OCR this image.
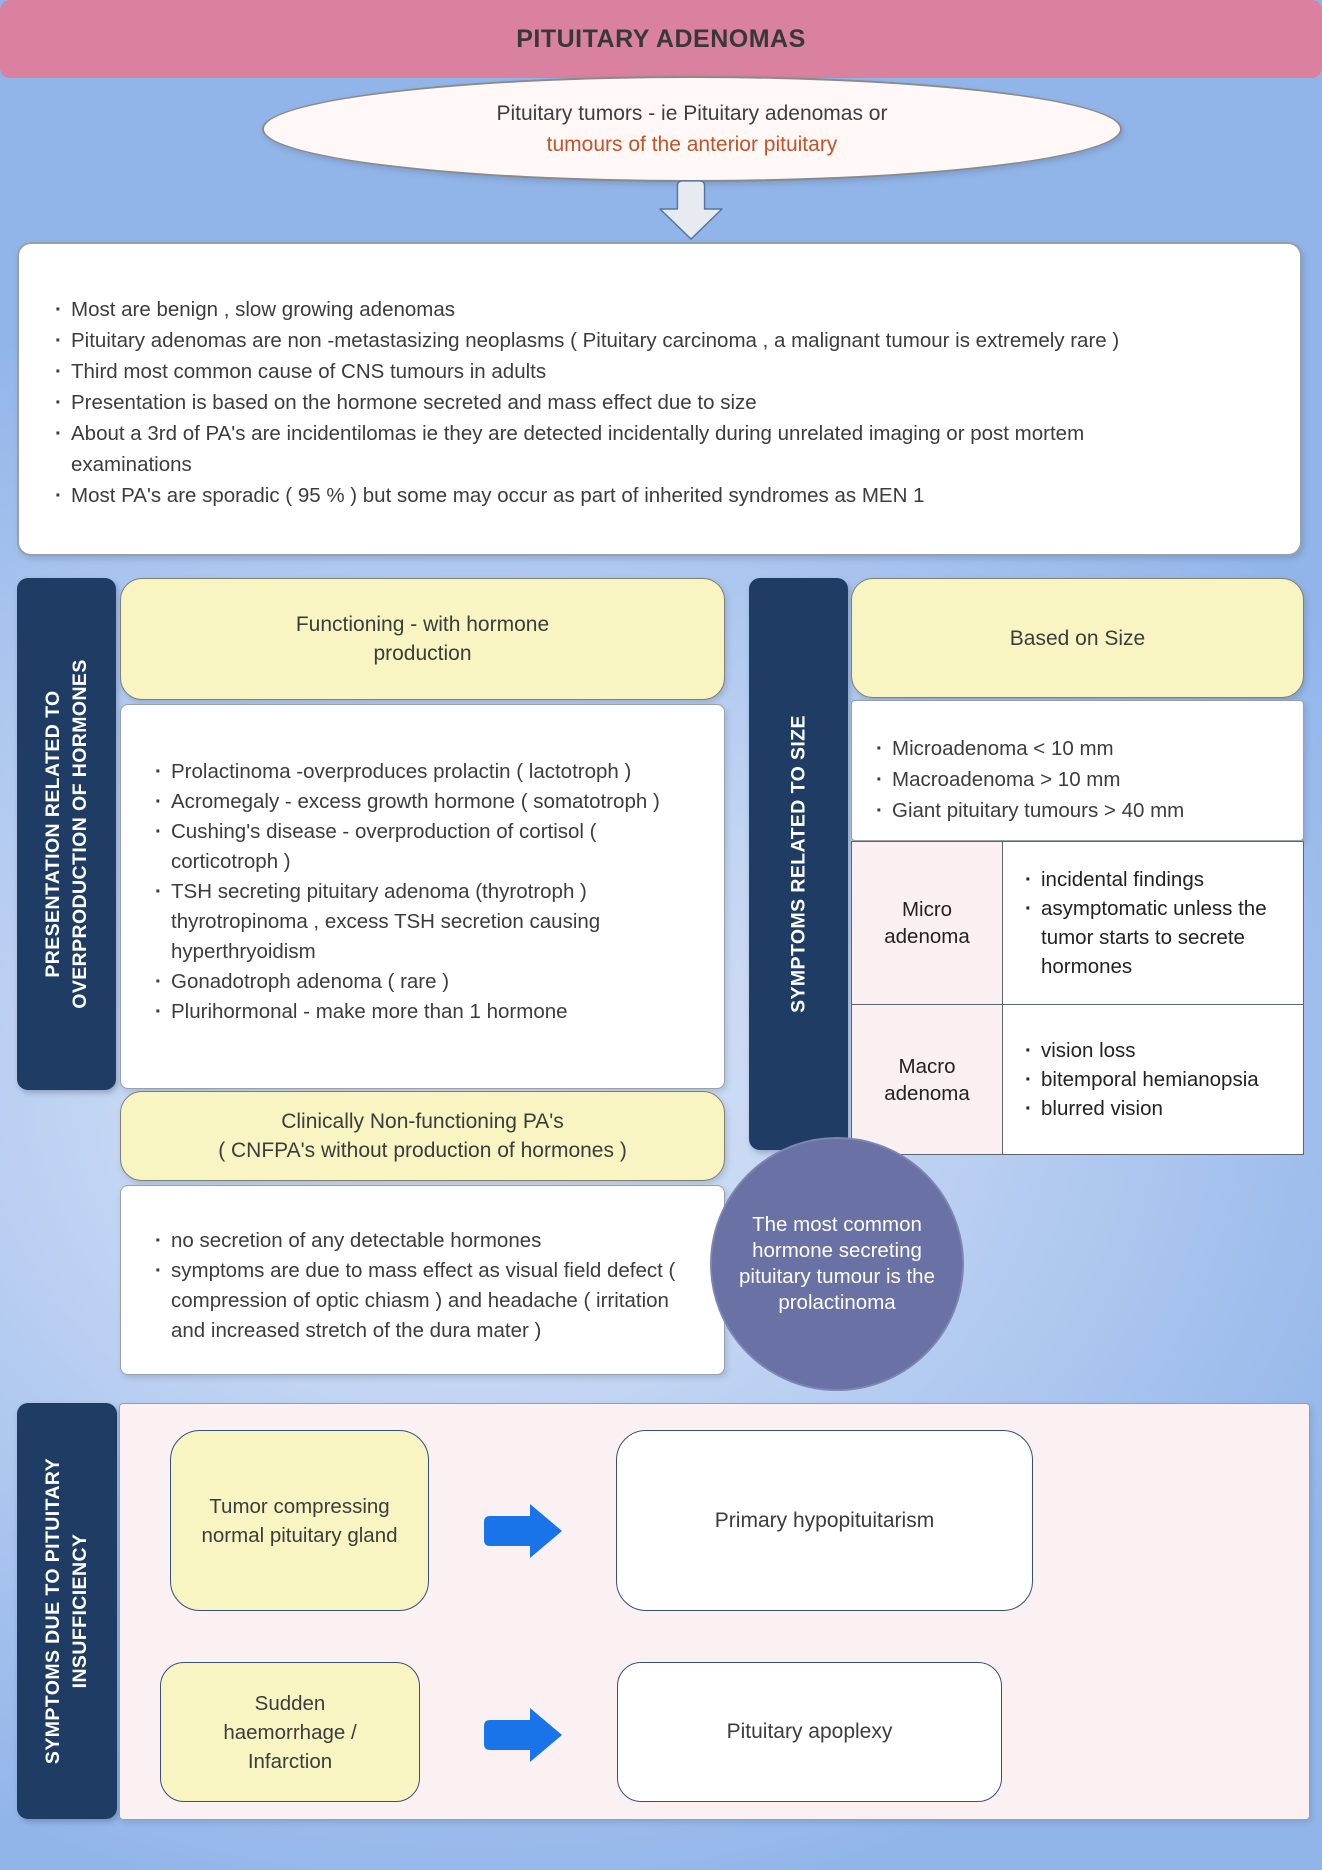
PITUITARY ADENOMAS
Pituitary tumors - ie Pituitary adenomas or
tumours of the anterior pituitary
· Most are benign , slow growing adenomas
· Pituitary adenomas are non -metastasizing neoplasms ( Pituitary carcinoma , a malignant tumour is extremely rare )
· Third most common cause of CNS tumours in adults
· Presentation is based on the hormone secreted and mass effect due to size
· About a 3rd of PA's are incidentilomas ie they are detected incidentally during unrelated imaging or post mortem examinations
· Most PA's are sporadic ( 95 % ) but some may occur as part of inherited syndromes as MEN 1
PRESENTATION RELATED TO OVERPRODUCTION OF HORMONES
Functioning - with hormone
production
· Prolactinoma -overproduces prolactin ( lactotroph )
· Acromegaly - excess growth hormone ( somatotroph )
· Cushing's disease - overproduction of cortisol ( corticotroph )
· TSH secreting pituitary adenoma (thyrotroph ) thyrotropinoma , excess TSH secretion causing hyperthryoidism
· Gonadotroph adenoma ( rare )
· Plurihormonal - make more than 1 hormone
Clinically Non-functioning PA's
( CNFPA's without production of hormones )
· no secretion of any detectable hormones
· symptoms are due to mass effect as visual field defect ( compression of optic chiasm ) and headache ( irritation and increased stretch of the dura mater )
SYMPTOMS RELATED TO SIZE
Based on Size
· Microadenoma < 10 mm
· Macroadenoma > 10 mm
· Giant pituitary tumours > 40 mm
Micro adenoma
· incidental findings
· asymptomatic unless the tumor starts to secrete hormones
Macro adenoma
· vision loss
· bitemporal hemianopsia
· blurred vision
The most common hormone secreting pituitary tumour is the prolactinoma
SYMPTOMS DUE TO PITUITARY INSUFFICIENCY
Tumor compressing normal pituitary gland
Primary hypopituitarism
Sudden haemorrhage / Infarction
Pituitary apoplexy
